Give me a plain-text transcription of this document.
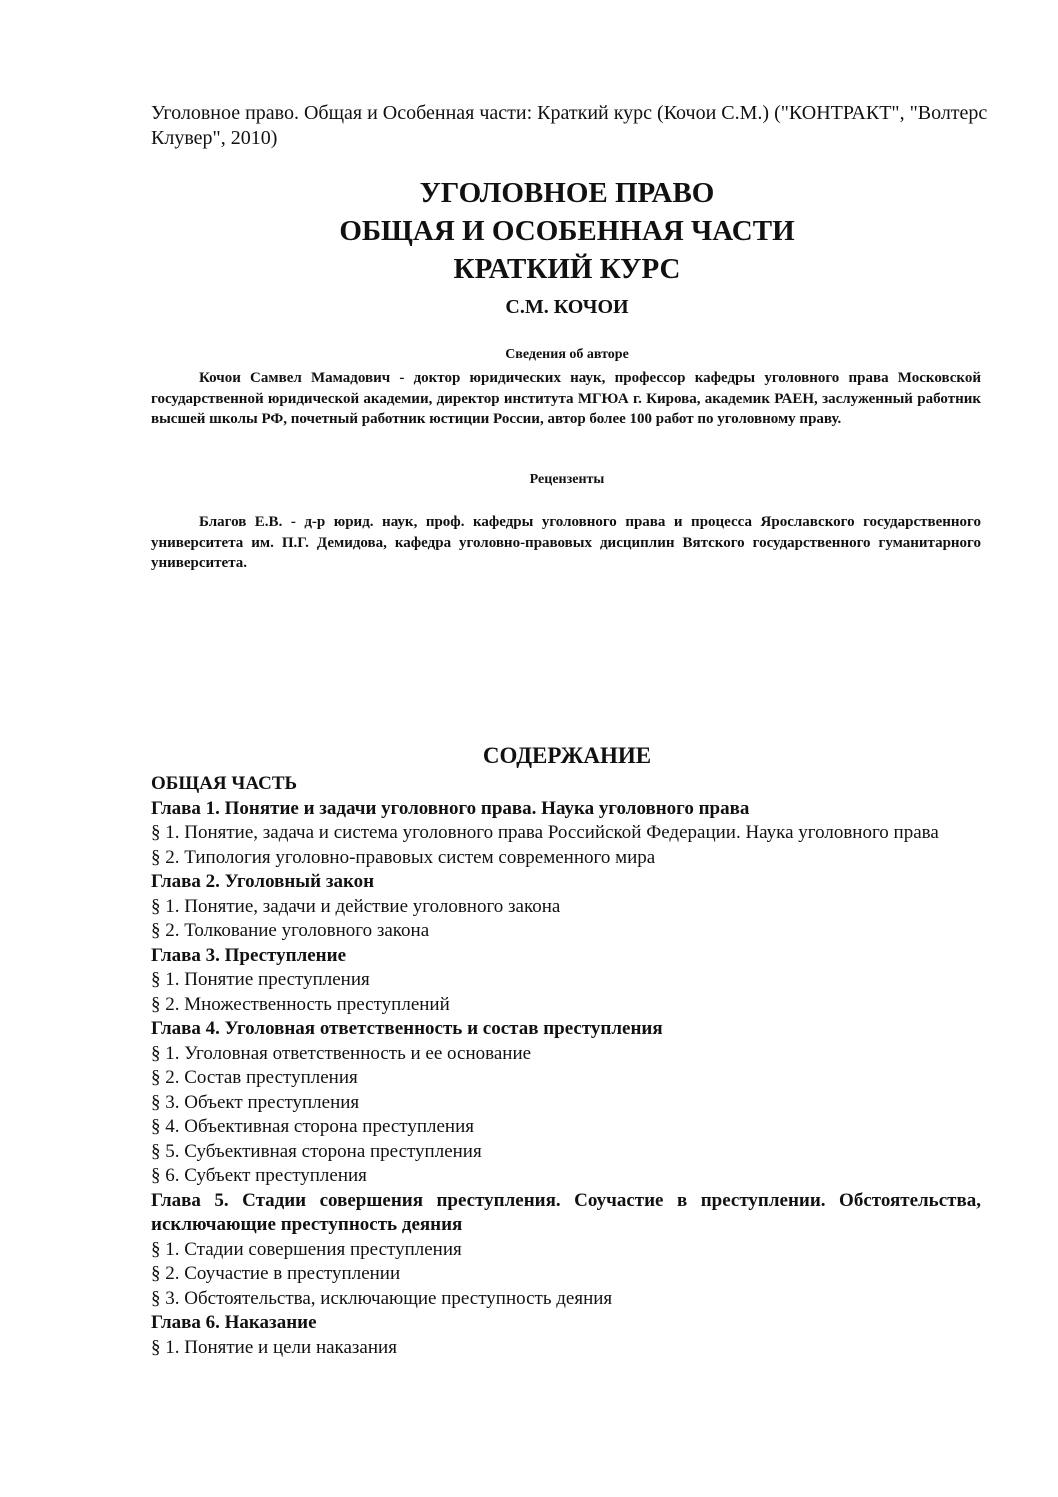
Уголовное право. Общая и Особенная части: Краткий курс (Кочои С.М.) ("КОНТРАКТ", "Волтерс Клувер", 2010)
УГОЛОВНОЕ ПРАВО
ОБЩАЯ И ОСОБЕННАЯ ЧАСТИ
КРАТКИЙ КУРС
С.М. КОЧОИ
Сведения об авторе
Кочои Самвел Мамадович - доктор юридических наук, профессор кафедры уголовного права Московской государственной юридической академии, директор института МГЮА г. Кирова, академик РАЕН, заслуженный работник высшей школы РФ, почетный работник юстиции России, автор более 100 работ по уголовному праву.
Рецензенты
Благов Е.В. - д-р юрид. наук, проф. кафедры уголовного права и процесса Ярославского государственного университета им. П.Г. Демидова, кафедра уголовно-правовых дисциплин Вятского государственного гуманитарного университета.
СОДЕРЖАНИЕ
ОБЩАЯ ЧАСТЬ
Глава 1. Понятие и задачи уголовного права. Наука уголовного права
§ 1. Понятие, задача и система уголовного права Российской Федерации. Наука уголовного права
§ 2. Типология уголовно-правовых систем современного мира
Глава 2. Уголовный закон
§ 1. Понятие, задачи и действие уголовного закона
§ 2. Толкование уголовного закона
Глава 3. Преступление
§ 1. Понятие преступления
§ 2. Множественность преступлений
Глава 4. Уголовная ответственность и состав преступления
§ 1. Уголовная ответственность и ее основание
§ 2. Состав преступления
§ 3. Объект преступления
§ 4. Объективная сторона преступления
§ 5. Субъективная сторона преступления
§ 6. Субъект преступления
Глава 5. Стадии совершения преступления. Соучастие в преступлении. Обстоятельства, исключающие преступность деяния
§ 1. Стадии совершения преступления
§ 2. Соучастие в преступлении
§ 3. Обстоятельства, исключающие преступность деяния
Глава 6. Наказание
§ 1. Понятие и цели наказания
